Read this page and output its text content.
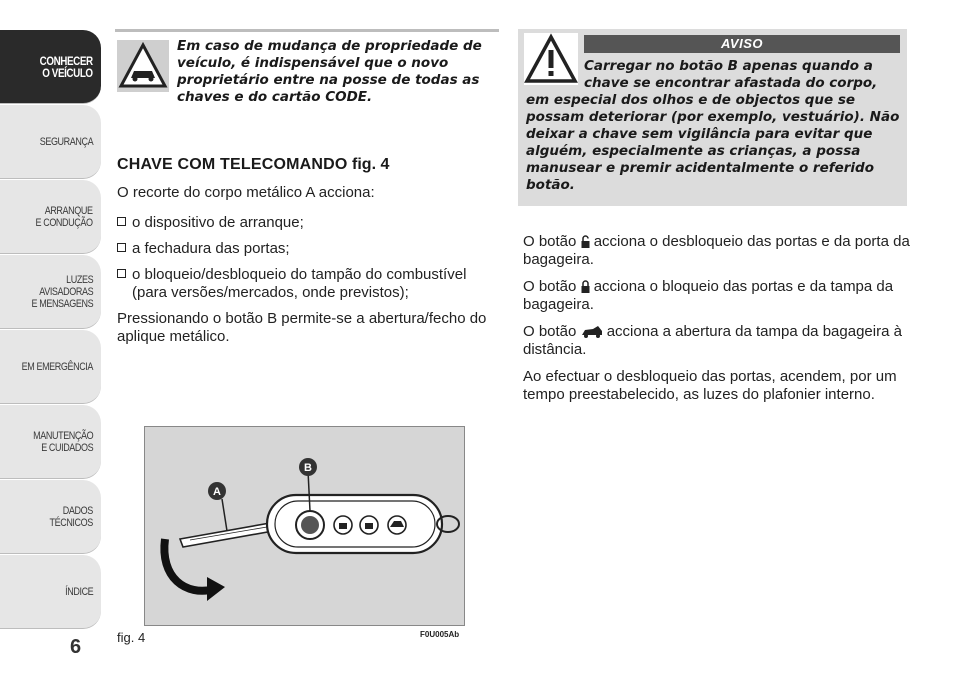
CONHECER
O VEÍCULO
SEGURANÇA
ARRANQUE
E CONDUÇÃO
LUZES
AVISADORAS
E MENSAGENS
EM EMERGÊNCIA
MANUTENÇÃO
E CUIDADOS
DADOS
TÉCNICOS
ÍNDICE
6
Em caso de mudança de propriedade de veículo, é indispensável que o novo proprietário entre na posse de todas as chaves e do cartão CODE.
CHAVE COM TELECOMANDO fig. 4
O recorte do corpo metálico A acciona:
o dispositivo de arranque;
a fechadura das portas;
o bloqueio/desbloqueio do tampão do combustível (para versões/mercados, onde previstos);
Pressionando o botão B permite-se a abertura/fecho do aplique metálico.
A
B
fig. 4	F0U005Ab
AVISO
Carregar no botão B apenas quando a chave se encontrar afastada do corpo,
em especial dos olhos e de objectos que se possam deteriorar (por exemplo, vestuário). Não deixar a chave sem vigilância para evitar que alguém, especialmente as crianças, a possa manusear e premir acidentalmente o referido botão.
O botão acciona o desbloqueio das portas e da porta da bagageira.
O botão acciona o bloqueio das portas e da tampa da bagageira.
O botão acciona a abertura da tampa da bagageira à distância.
Ao efectuar o desbloqueio das portas, acendem, por um tempo preestabelecido, as luzes do plafonier interno.
